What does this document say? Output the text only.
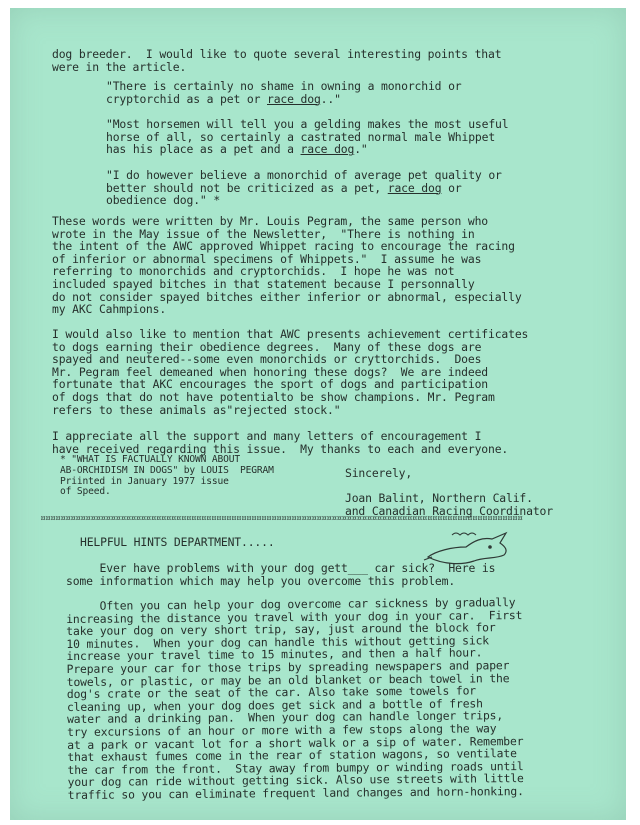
dog breeder.  I would like to quote several interesting points that
were in the article.
"There is certainly no shame in owning a monorchid or
cryptorchid as a pet or race dog.."
"Most horsemen will tell you a gelding makes the most useful
horse of all, so certainly a castrated normal male Whippet
has his place as a pet and a race dog."
"I do however believe a monorchid of average pet quality or
better should not be criticized as a pet, race dog or
obedience dog." *
These words were written by Mr. Louis Pegram, the same person who
wrote in the May issue of the Newsletter,  "There is nothing in
the intent of the AWC approved Whippet racing to encourage the racing
of inferior or abnormal specimens of Whippets."  I assume he was
referring to monorchids and cryptorchids.  I hope he was not
included spayed bitches in that statement because I personnally
do not consider spayed bitches either inferior or abnormal, especially
my AKC Cahmpions.
I would also like to mention that AWC presents achievement certificates
to dogs earning their obedience degrees.  Many of these dogs are
spayed and neutered--some even monorchids or cryttorchids.  Does
Mr. Pegram feel demeaned when honoring these dogs?  We are indeed
fortunate that AKC encourages the sport of dogs and participation
of dogs that do not have potentialto be show champions. Mr. Pegram
refers to these animals as"rejected stock."
I appreciate all the support and many letters of encouragement I
have received regarding this issue.  My thanks to each and everyone.
* "WHAT IS FACTUALLY KNOWN ABOUT
AB-ORCHIDISM IN DOGS" by LOUIS  PEGRAM
Priinted in January 1977 issue
of Speed.
Sincerely,

Joan Balint, Northern Calif.
and Canadian Racing Coordinator
¤¤¤¤¤¤¤¤¤¤¤¤¤¤¤¤¤¤¤¤¤¤¤¤¤¤¤¤¤¤¤¤¤¤¤¤¤¤¤¤¤¤¤¤¤¤¤¤¤¤¤¤¤¤¤¤¤¤¤¤¤¤¤¤¤¤¤¤¤¤¤¤¤¤¤¤¤¤¤¤¤¤¤¤¤¤¤¤¤¤¤¤¤¤¤¤
HELPFUL HINTS DEPARTMENT.....
Ever have problems with your dog gett___ car sick?  Here is
some information which may help you overcome this problem.
Often you can help your dog overcome car sickness by gradually
increasing the distance you travel with your dog in your car.  First
take your dog on very short trip, say, just around the block for
10 minutes.  When your dog can handle this without getting sick
increase your travel time to 15 minutes, and then a half hour.
Prepare your car for those trips by spreading newspapers and paper
towels, or plastic, or may be an old blanket or beach towel in the
dog's crate or the seat of the car. Also take some towels for
cleaning up, when your dog does get sick and a bottle of fresh
water and a drinking pan.  When your dog can handle longer trips,
try excursions of an hour or more with a few stops along the way
at a park or vacant lot for a short walk or a sip of water. Remember
that exhaust fumes come in the rear of station wagons, so ventilate
the car from the front.  Stay away from bumpy or winding roads until
your dog can ride without getting sick. Also use streets with little
traffic so you can eliminate frequent land changes and horn-honking.
